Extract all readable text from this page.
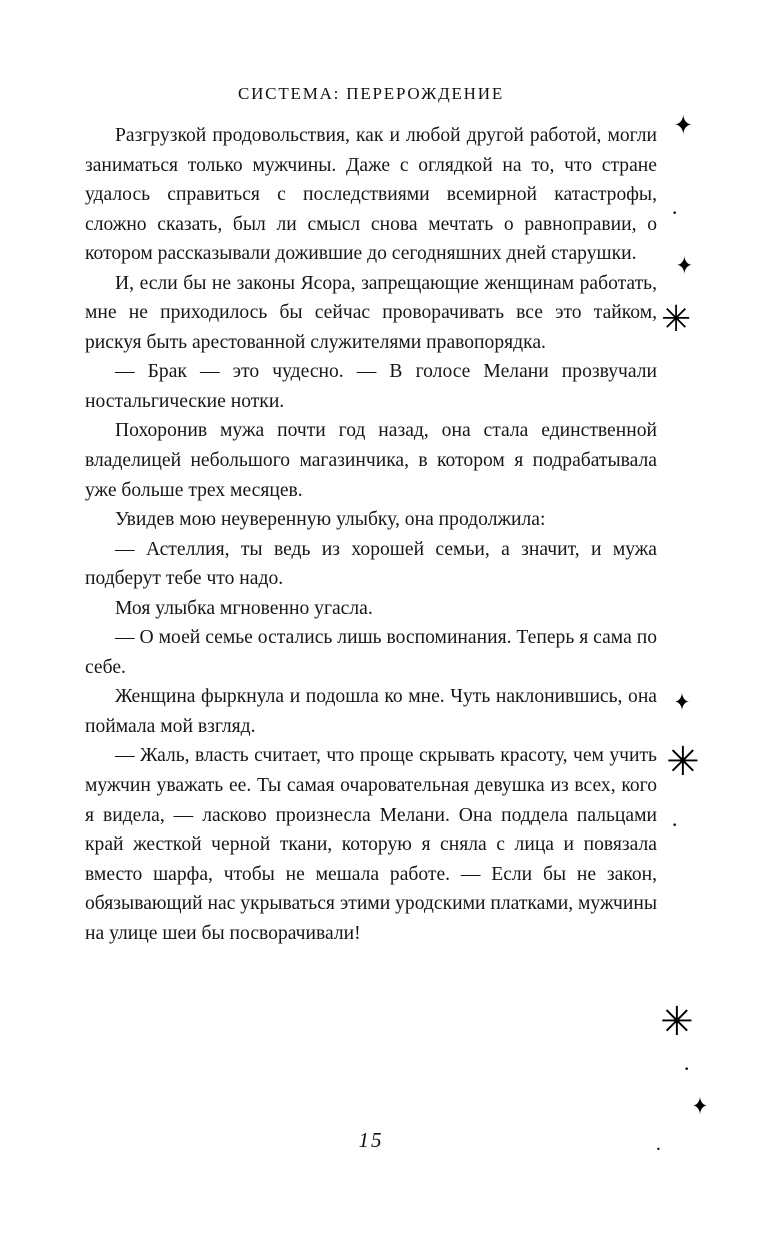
СИСТЕМА: ПЕРЕРОЖДЕНИЕ

Разгрузкой продовольствия, как и любой другой работой, могли заниматься только мужчины. Даже с оглядкой на то, что стране удалось справиться с последствиями всемирной катастрофы, сложно сказать, был ли смысл снова мечтать о равноправии, о котором рассказывали дожившие до сегодняшних дней старушки.

И, если бы не законы Ясора, запрещающие женщинам работать, мне не приходилось бы сейчас проворачивать все это тайком, рискуя быть арестованной служителями правопорядка.

— Брак — это чудесно. — В голосе Мелани прозвучали ностальгические нотки.

Похоронив мужа почти год назад, она стала единственной владелицей небольшого магазинчика, в котором я подрабатывала уже больше трех месяцев.

Увидев мою неуверенную улыбку, она продолжила:

— Астеллия, ты ведь из хорошей семьи, а значит, и мужа подберут тебе что надо.

Моя улыбка мгновенно угасла.

— О моей семье остались лишь воспоминания. Теперь я сама по себе.

Женщина фыркнула и подошла ко мне. Чуть наклонившись, она поймала мой взгляд.

— Жаль, власть считает, что проще скрывать красоту, чем учить мужчин уважать ее. Ты самая очаровательная девушка из всех, кого я видела, — ласково произнесла Мелани. Она поддела пальцами край жесткой черной ткани, которую я сняла с лица и повязала вместо шарфа, чтобы не мешала работе. — Если бы не закон, обязывающий нас укрываться этими уродскими платками, мужчины на улице шеи бы посворачивали!

15
✦
•
✦
✳
✦
✳
•
✳
•
✦
•
